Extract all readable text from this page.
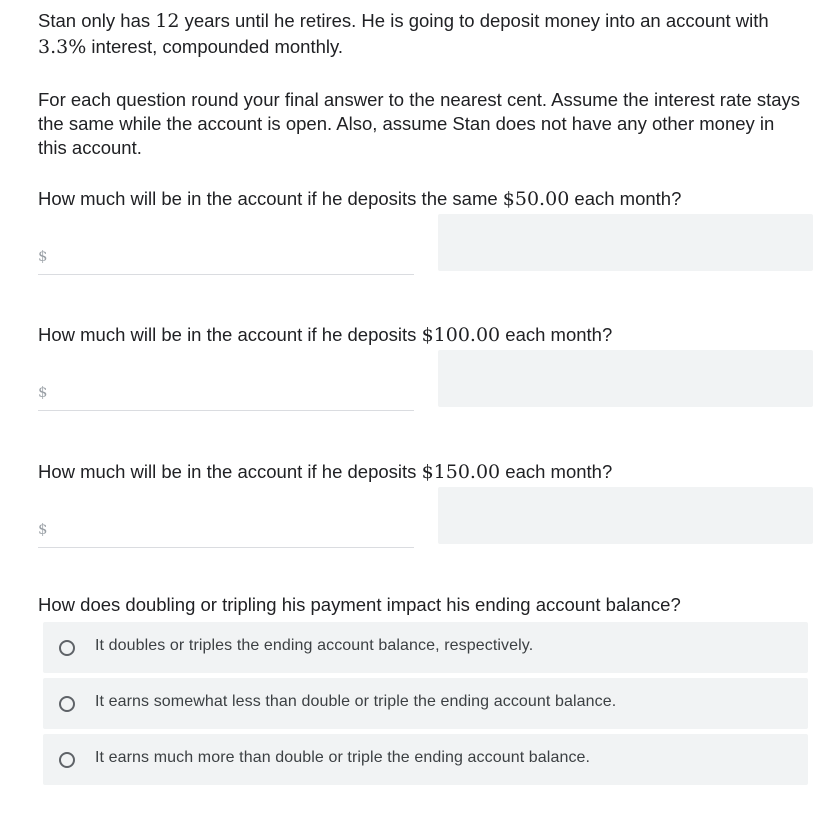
Stan only has 12 years until he retires. He is going to deposit money into an account with 3.3% interest, compounded monthly.
For each question round your final answer to the nearest cent. Assume the interest rate stays the same while the account is open. Also, assume Stan does not have any other money in this account.
How much will be in the account if he deposits the same $50.00 each month?
$
How much will be in the account if he deposits $100.00 each month?
$
How much will be in the account if he deposits $150.00 each month?
$
How does doubling or tripling his payment impact his ending account balance?
It doubles or triples the ending account balance, respectively.
It earns somewhat less than double or triple the ending account balance.
It earns much more than double or triple the ending account balance.
